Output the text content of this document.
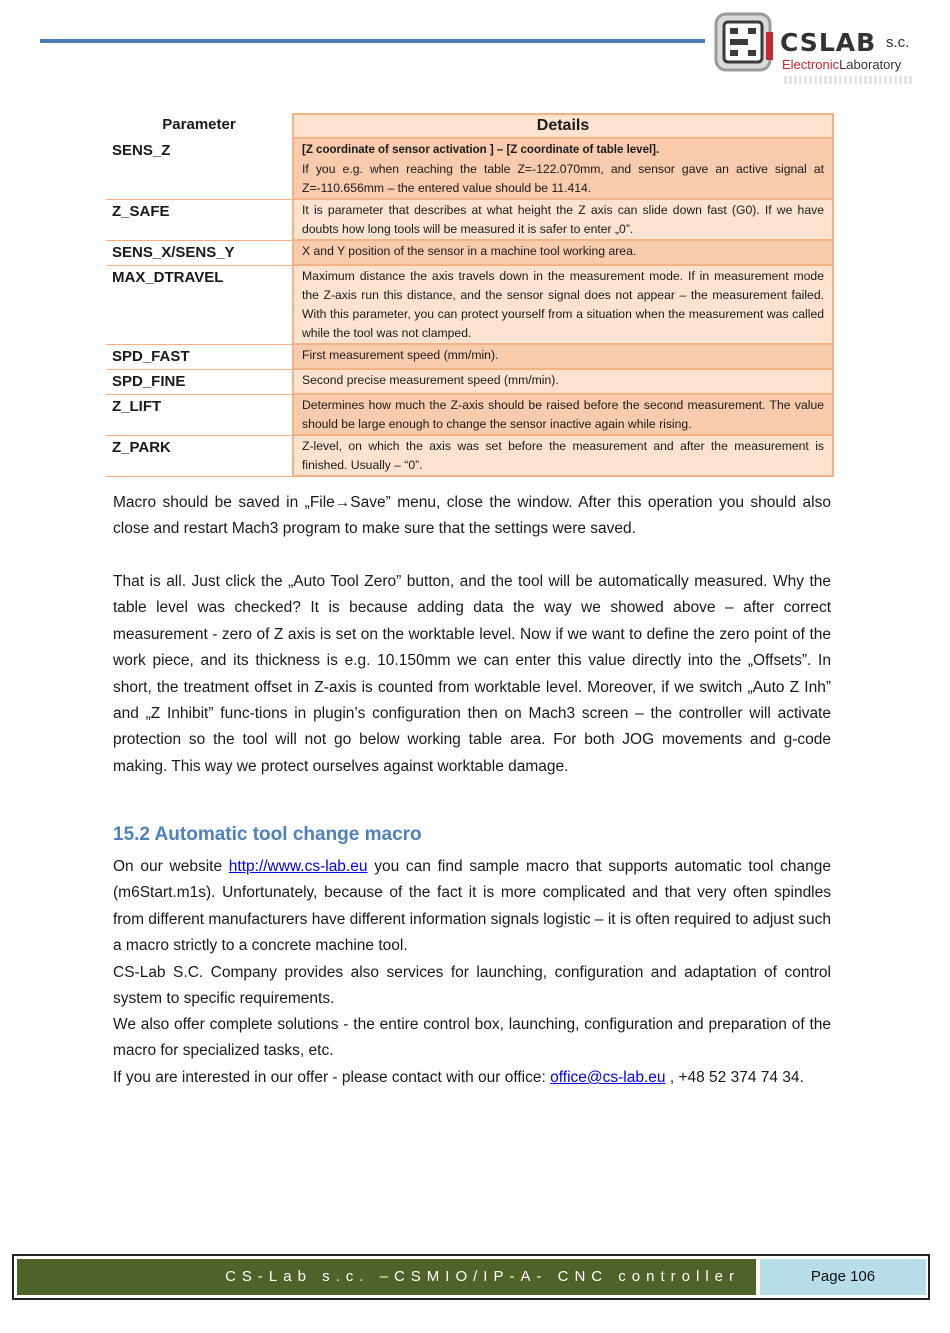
CSLAB s.c.
ElectronicLaboratory
Parameter	Details
SENS_Z	[Z coordinate of sensor activation ] – [Z coordinate of table level].
If you e.g. when reaching the table Z=-122.070mm, and sensor gave an active signal at Z=-110.656mm – the entered value should be 11.414.
Z_SAFE	It is parameter that describes at what height the Z axis can slide down fast (G0). If we have doubts how long tools will be measured it is safer to enter „0”.
SENS_X/SENS_Y	X and Y position of the sensor in a machine tool working area.
MAX_DTRAVEL	Maximum distance the axis travels down in the measurement mode. If in measurement mode the Z-axis run this distance, and the sensor signal does not appear – the measurement failed. With this parameter, you can protect yourself from a situation when the measurement was called while the tool was not clamped.
SPD_FAST	First measurement speed (mm/min).
SPD_FINE	Second precise measurement speed (mm/min).
Z_LIFT	Determines how much the Z-axis should be raised before the second measurement. The value should be large enough to change the sensor inactive again while rising.
Z_PARK	Z-level, on which the axis was set before the measurement and after the measurement is finished. Usually – “0”.

Macro should be saved in „File→Save” menu, close the window. After this operation you should also close and restart Mach3 program to make sure that the settings were saved.

That is all. Just click the „Auto Tool Zero” button, and the tool will be automatically measured. Why the table level was checked? It is because adding data the way we showed above – after correct measurement - zero of Z axis is set on the worktable level. Now if we want to define the zero point of the work piece, and its thickness is e.g. 10.150mm we can enter this value directly into the „Offsets”. In short, the treatment offset in Z-axis is counted from worktable level. Moreover, if we switch „Auto Z Inh” and „Z Inhibit” func-tions in plugin’s configuration then on Mach3 screen – the controller will activate protection so the tool will not go below working table area. For both JOG movements and g-code making. This way we protect ourselves against worktable damage.

15.2 Automatic tool change macro

On our website http://www.cs-lab.eu you can find sample macro that supports automatic tool change (m6Start.m1s). Unfortunately, because of the fact it is more complicated and that very often spindles from different manufacturers have different information signals logistic – it is often required to adjust such a macro strictly to a concrete machine tool.

CS-Lab S.C. Company provides also services for launching, configuration and adaptation of control system to specific requirements.

We also offer complete solutions - the entire control box, launching, configuration and preparation of the macro for specialized tasks, etc.

If you are interested in our offer - please contact with our office: office@cs-lab.eu , +48 52 374 74 34.

CS-Lab s.c. –CSMIO/IP-A- CNC controller	Page 106
